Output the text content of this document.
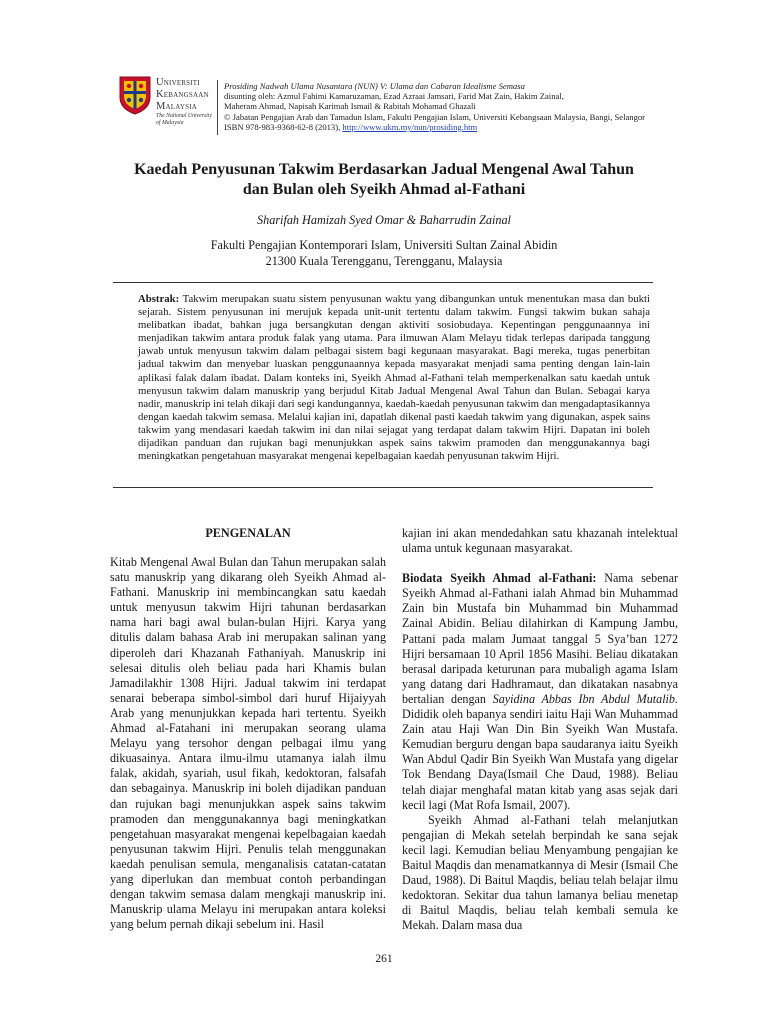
Universiti
Kebangsaan
Malaysia
The National University
of Malaysia
Prosiding Nadwah Ulama Nusantara (NUN) V: Ulama dan Cabaran Idealisme Semasa
disunting oleh: Azmul Fahimi Kamaruzaman, Ezad Azraai Jamsari, Farid Mat Zain, Hakim Zainal,
Maheram Ahmad, Napisah Karimah Ismail & Rabitah Mohamad Ghazali
© Jabatan Pengajian Arab dan Tamadun Islam, Fakulti Pengajian Islam, Universiti Kebangsaan Malaysia, Bangi, Selangor
ISBN 978-983-9368-62-8 (2013), http://www.ukm.my/nun/prosiding.htm
Kaedah Penyusunan Takwim Berdasarkan Jadual Mengenal Awal Tahun
dan Bulan oleh Syeikh Ahmad al-Fathani
Sharifah Hamizah Syed Omar & Baharrudin Zainal
Fakulti Pengajian Kontemporari Islam, Universiti Sultan Zainal Abidin
21300 Kuala Terengganu, Terengganu, Malaysia
Abstrak: Takwim merupakan suatu sistem penyusunan waktu yang dibangunkan untuk menentukan masa dan bukti sejarah. Sistem penyusunan ini merujuk kepada unit-unit tertentu dalam takwim. Fungsi takwim bukan sahaja melibatkan ibadat, bahkan juga bersangkutan dengan aktiviti sosiobudaya. Kepentingan penggunaannya ini menjadikan takwim antara produk falak yang utama. Para ilmuwan Alam Melayu tidak terlepas daripada tanggung jawab untuk menyusun takwim dalam pelbagai sistem bagi kegunaan masyarakat. Bagi mereka, tugas penerbitan jadual takwim dan menyebar luaskan penggunaannya kepada masyarakat menjadi sama penting dengan lain-lain aplikasi falak dalam ibadat. Dalam konteks ini, Syeikh Ahmad al-Fathani telah memperkenalkan satu kaedah untuk menyusun takwim dalam manuskrip yang berjudul Kitab Jadual Mengenal Awal Tahun dan Bulan. Sebagai karya nadir, manuskrip ini telah dikaji dari segi kandungannya, kaedah-kaedah penyusunan takwim dan mengadaptasikannya dengan kaedah takwim semasa. Melalui kajian ini, dapatlah dikenal pasti kaedah takwim yang digunakan, aspek sains takwim yang mendasari kaedah takwim ini dan nilai sejagat yang terdapat dalam takwim Hijri. Dapatan ini boleh dijadikan panduan dan rujukan bagi menunjukkan aspek sains takwim pramoden dan menggunakannya bagi meningkatkan pengetahuan masyarakat mengenai kepelbagaian kaedah penyusunan takwim Hijri.
PENGENALAN

Kitab Mengenal Awal Bulan dan Tahun merupakan salah satu manuskrip yang dikarang oleh Syeikh Ahmad al-Fathani. Manuskrip ini membincangkan satu kaedah untuk menyusun takwim Hijri tahunan berdasarkan nama hari bagi awal bulan-bulan Hijri. Karya yang ditulis dalam bahasa Arab ini merupakan salinan yang diperoleh dari Khazanah Fathaniyah. Manuskrip ini selesai ditulis oleh beliau pada hari Khamis bulan Jamadilakhir 1308 Hijri. Jadual takwim ini terdapat senarai beberapa simbol-simbol dari huruf Hijaiyyah Arab yang menunjukkan kepada hari tertentu. Syeikh Ahmad al-Fatahani ini merupakan seorang ulama Melayu yang tersohor dengan pelbagai ilmu yang dikuasainya. Antara ilmu-ilmu utamanya ialah ilmu falak, akidah, syariah, usul fikah, kedoktoran, falsafah dan sebagainya. Manuskrip ini boleh dijadikan panduan dan rujukan bagi menunjukkan aspek sains takwim pramoden dan menggunakannya bagi meningkatkan pengetahuan masyarakat mengenai kepelbagaian kaedah penyusunan takwim Hijri. Penulis telah menggunakan kaedah penulisan semula, menganalisis catatan-catatan yang diperlukan dan membuat contoh perbandingan dengan takwim semasa dalam mengkaji manuskrip ini. Manuskrip ulama Melayu ini merupakan antara koleksi yang belum pernah dikaji sebelum ini. Hasil

kajian ini akan mendedahkan satu khazanah intelektual ulama untuk kegunaan masyarakat.

Biodata Syeikh Ahmad al-Fathani: Nama sebenar Syeikh Ahmad al-Fathani ialah Ahmad bin Muhammad Zain bin Mustafa bin Muhammad bin Muhammad Zainal Abidin. Beliau dilahirkan di Kampung Jambu, Pattani pada malam Jumaat tanggal 5 Sya’ban 1272 Hijri bersamaan 10 April 1856 Masihi. Beliau dikatakan berasal daripada keturunan para mubaligh agama Islam yang datang dari Hadhramaut, dan dikatakan nasabnya bertalian dengan Sayidina Abbas Ibn Abdul Mutalib. Dididik oleh bapanya sendiri iaitu Haji Wan Muhammad Zain atau Haji Wan Din Bin Syeikh Wan Mustafa. Kemudian berguru dengan bapa saudaranya iaitu Syeikh Wan Abdul Qadir Bin Syeikh Wan Mustafa yang digelar Tok Bendang Daya(Ismail Che Daud, 1988). Beliau telah diajar menghafal matan kitab yang asas sejak dari kecil lagi (Mat Rofa Ismail, 2007).

Syeikh Ahmad al-Fathani telah melanjutkan pengajian di Mekah setelah berpindah ke sana sejak kecil lagi. Kemudian beliau Menyambung pengajian ke Baitul Maqdis dan menamatkannya di Mesir (Ismail Che Daud, 1988). Di Baitul Maqdis, beliau telah belajar ilmu kedoktoran. Sekitar dua tahun lamanya beliau menetap di Baitul Maqdis, beliau telah kembali semula ke Mekah. Dalam masa dua

261
